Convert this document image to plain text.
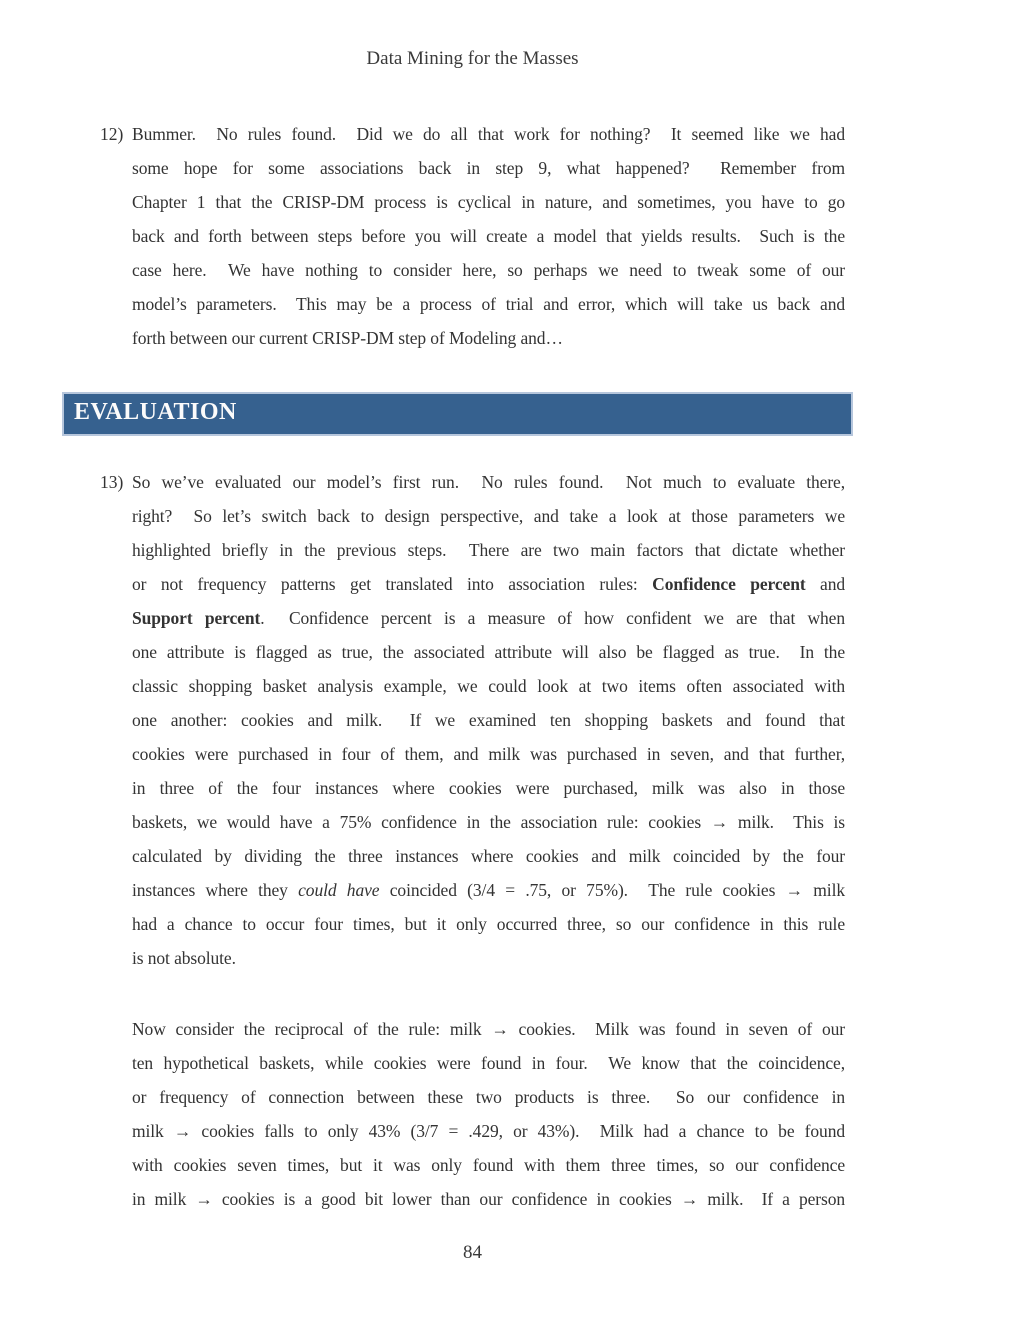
Data Mining for the Masses
12) Bummer.  No rules found.  Did we do all that work for nothing?  It seemed like we had
some hope for some associations back in step 9, what happened?  Remember from
Chapter 1 that the CRISP-DM process is cyclical in nature, and sometimes, you have to go
back and forth between steps before you will create a model that yields results.  Such is the
case here.  We have nothing to consider here, so perhaps we need to tweak some of our
model’s parameters.  This may be a process of trial and error, which will take us back and
forth between our current CRISP-DM step of Modeling and…
EVALUATION
13) So we’ve evaluated our model’s first run.  No rules found.  Not much to evaluate there,
right?  So let’s switch back to design perspective, and take a look at those parameters we
highlighted briefly in the previous steps.  There are two main factors that dictate whether
or not frequency patterns get translated into association rules: Confidence percent and
Support percent.  Confidence percent is a measure of how confident we are that when
one attribute is flagged as true, the associated attribute will also be flagged as true.  In the
classic shopping basket analysis example, we could look at two items often associated with
one another: cookies and milk.  If we examined ten shopping baskets and found that
cookies were purchased in four of them, and milk was purchased in seven, and that further,
in three of the four instances where cookies were purchased, milk was also in those
baskets, we would have a 75% confidence in the association rule: cookies → milk.  This is
calculated by dividing the three instances where cookies and milk coincided by the four
instances where they could have coincided (3/4 = .75, or 75%).  The rule cookies → milk
had a chance to occur four times, but it only occurred three, so our confidence in this rule
is not absolute.
Now consider the reciprocal of the rule: milk → cookies.  Milk was found in seven of our
ten hypothetical baskets, while cookies were found in four.  We know that the coincidence,
or frequency of connection between these two products is three.  So our confidence in
milk → cookies falls to only 43% (3/7 = .429, or 43%).  Milk had a chance to be found
with cookies seven times, but it was only found with them three times, so our confidence
in milk → cookies is a good bit lower than our confidence in cookies → milk.  If a person
84
